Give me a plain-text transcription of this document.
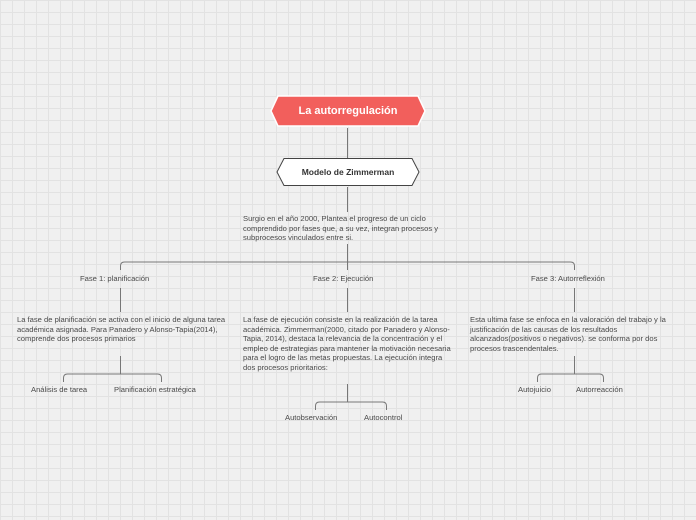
La autorregulación
Modelo de Zimmerman
Surgio en el año 2000, Plantea el progreso de un ciclo comprendido por fases que, a su vez, integran procesos y subprocesos vinculados entre si.
Fase 1: planificación	Fase 2: Ejecución	Fase 3: Autorreflexión
La fase de planificación se activa con el inicio de alguna tarea académica asignada. Para Panadero y Alonso-Tapia(2014), comprende dos procesos primarios
La fase de ejecución consiste en la realización de la tarea académica. Zimmerman(2000, citado por Panadero y Alonso-Tapia, 2014), destaca la relevancia de la concentración y el empleo de estrategias para mantener la motivación necesaria para el logro de las metas propuestas. La ejecución integra dos procesos prioritarios:
Esta ultima fase se enfoca en la valoración del trabajo y la justificación de las causas de los resultados alcanzados(positivos o negativos). se conforma por dos procesos trascendentales.
Análisis de tarea	Planificación estratégica
Autobservación	Autocontrol
Autojuicio	Autorreacción
